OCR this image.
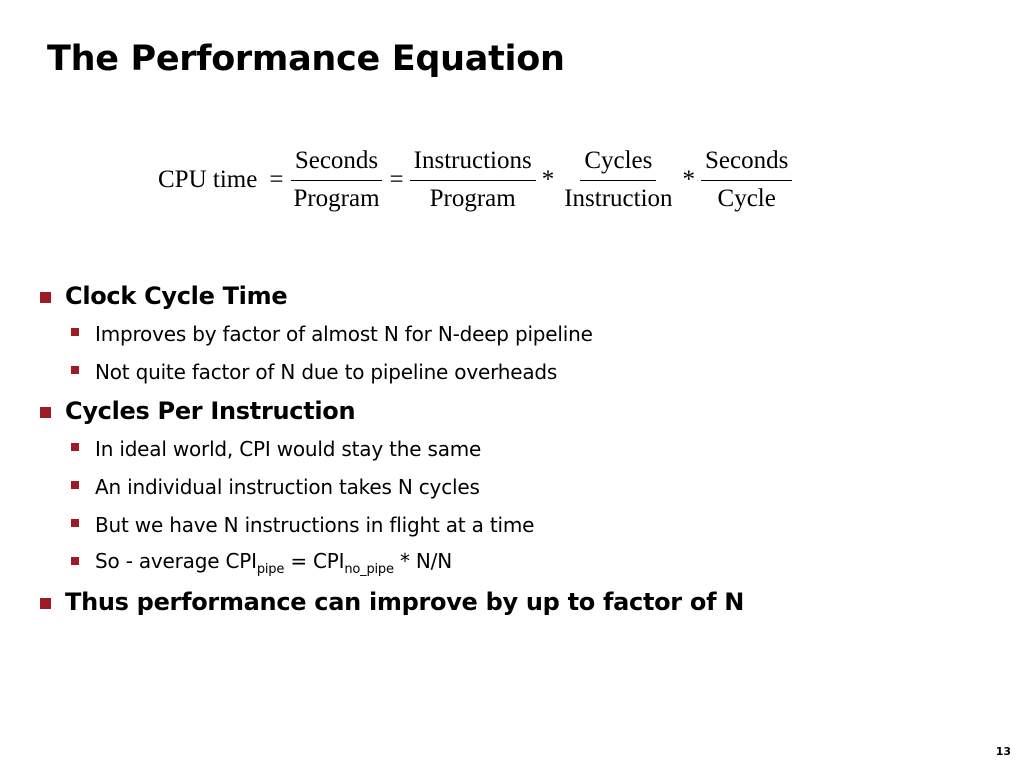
The Performance Equation
CPU time = $\frac{\text{Seconds}}{\text{Program}} = \frac{\text{Instructions}}{\text{Program}} * \frac{\text{Cycles}}{\text{Instruction}} * \frac{\text{Seconds}}{\text{Cycle}}$
Clock Cycle Time
Improves by factor of almost N for N-deep pipeline
Not quite factor of N due to pipeline overheads
Cycles Per Instruction
In ideal world, CPI would stay the same
An individual instruction takes N cycles
But we have N instructions in flight at a time
So - average $CPI_{pipe} = CPI_{no\_pipe} * N/N$
Thus performance can improve by up to factor of N
13
